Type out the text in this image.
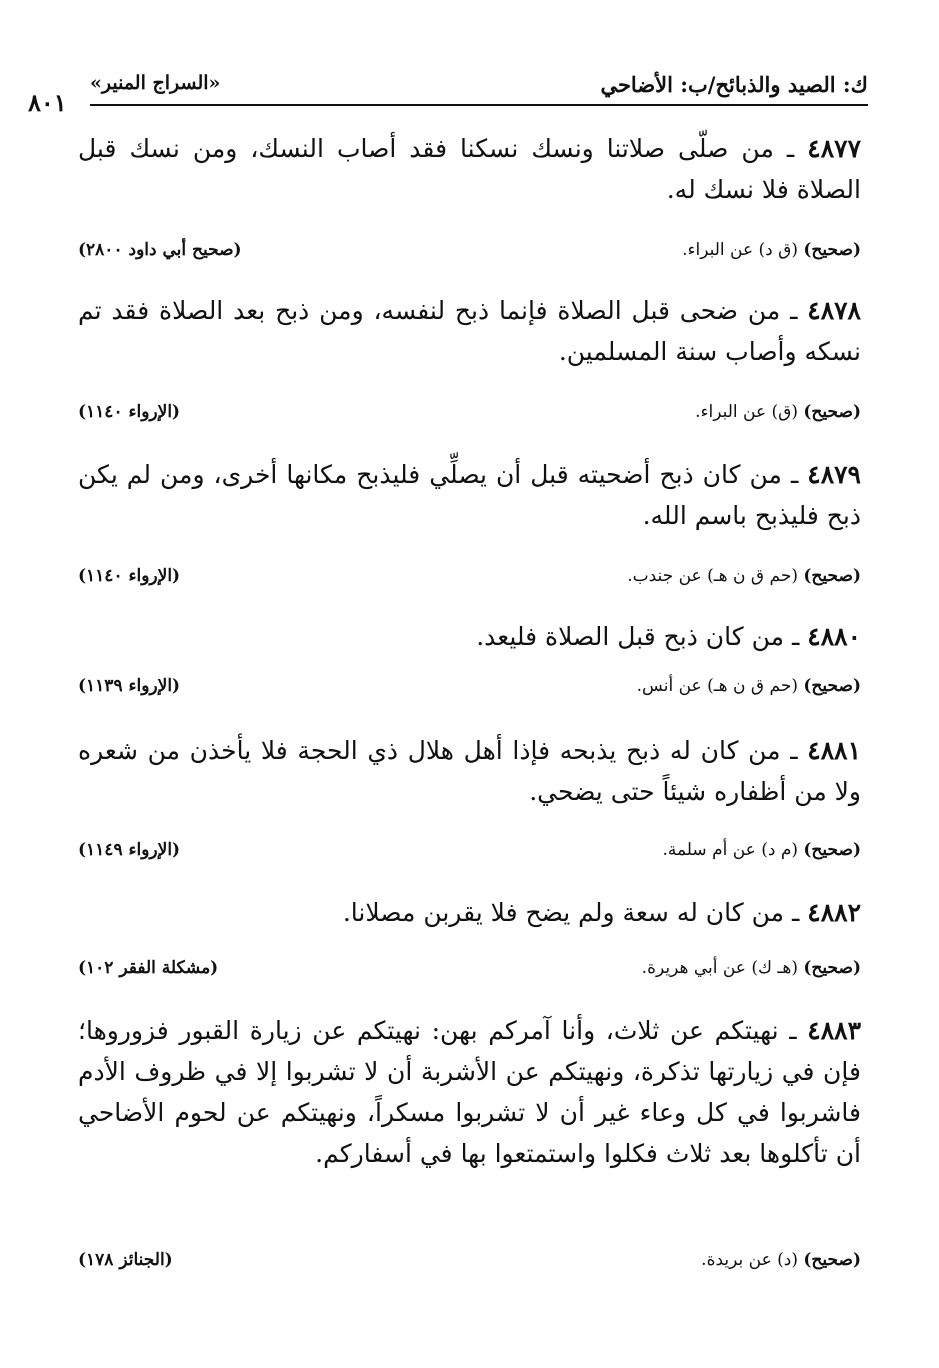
ك: الصيد والذبائح/ب: الأضاحي
«السراج المنير»
٨٠١

٤٨٧٧ ـ من صلّى صلاتنا ونسك نسكنا فقد أصاب النسك، ومن نسك قبل الصلاة فلا نسك له.

(صحيح) (ق د) عن البراء.
(صحيح أبي داود ٢٨٠٠)

٤٨٧٨ ـ من ضحى قبل الصلاة فإنما ذبح لنفسه، ومن ذبح بعد الصلاة فقد تم نسكه وأصاب سنة المسلمين.

(صحيح) (ق) عن البراء.
(الإرواء ١١٤٠)

٤٨٧٩ ـ من كان ذبح أضحيته قبل أن يصلِّي فليذبح مكانها أخرى، ومن لم يكن ذبح فليذبح باسم الله.

(صحيح) (حم ق ن هـ) عن جندب.
(الإرواء ١١٤٠)

٤٨٨٠ ـ من كان ذبح قبل الصلاة فليعد.

(صحيح) (حم ق ن هـ) عن أنس.
(الإرواء ١١٣٩)

٤٨٨١ ـ من كان له ذبح يذبحه فإذا أهل هلال ذي الحجة فلا يأخذن من شعره ولا من أظفاره شيئاً حتى يضحي.

(صحيح) (م د) عن أم سلمة.
(الإرواء ١١٤٩)

٤٨٨٢ ـ من كان له سعة ولم يضح فلا يقربن مصلانا.

(صحيح) (هـ ك) عن أبي هريرة.
(مشكلة الفقر ١٠٢)

٤٨٨٣ ـ نهيتكم عن ثلاث، وأنا آمركم بهن: نهيتكم عن زيارة القبور فزوروها؛ فإن في زيارتها تذكرة، ونهيتكم عن الأشربة أن لا تشربوا إلا في ظروف الأدم فاشربوا في كل وعاء غير أن لا تشربوا مسكراً، ونهيتكم عن لحوم الأضاحي أن تأكلوها بعد ثلاث فكلوا واستمتعوا بها في أسفاركم.

(صحيح) (د) عن بريدة.
(الجنائز ١٧٨)
